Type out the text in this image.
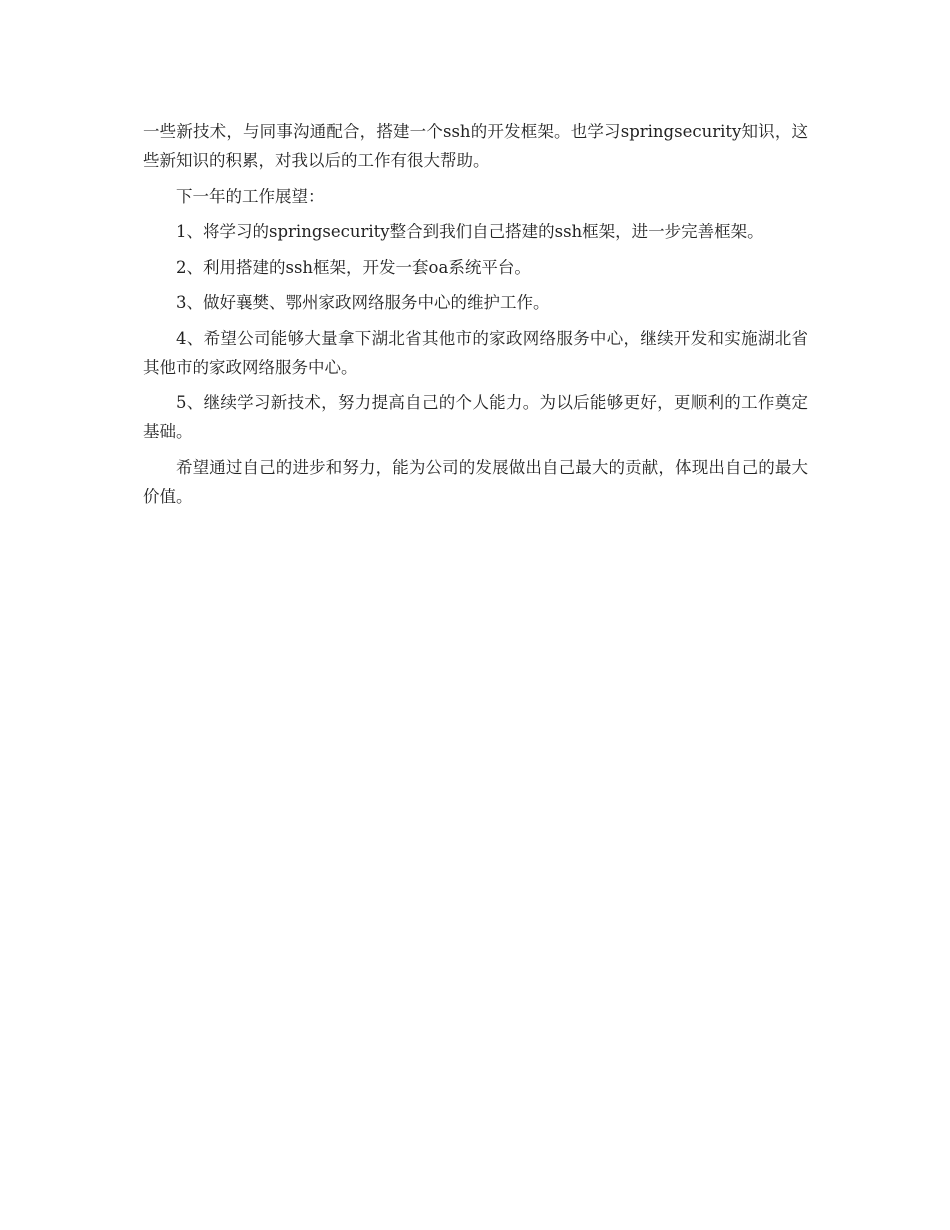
一些新技术，与同事沟通配合，搭建一个ssh的开发框架。也学习springsecurity知识，这些新知识的积累，对我以后的工作有很大帮助。

下一年的工作展望：

1、将学习的springsecurity整合到我们自己搭建的ssh框架，进一步完善框架。

2、利用搭建的ssh框架，开发一套oa系统平台。

3、做好襄樊、鄂州家政网络服务中心的维护工作。

4、希望公司能够大量拿下湖北省其他市的家政网络服务中心，继续开发和实施湖北省其他市的家政网络服务中心。

5、继续学习新技术，努力提高自己的个人能力。为以后能够更好，更顺利的工作奠定基础。

希望通过自己的进步和努力，能为公司的发展做出自己最大的贡献，体现出自己的最大价值。
